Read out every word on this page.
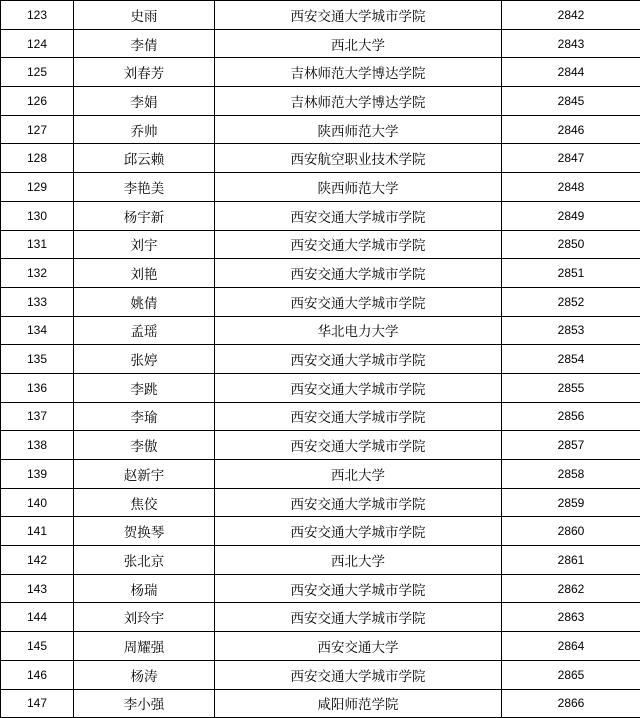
123	史雨	西安交通大学城市学院	2842
124	李倩	西北大学	2843
125	刘春芳	吉林师范大学博达学院	2844
126	李娟	吉林师范大学博达学院	2845
127	乔帅	陕西师范大学	2846
128	邱云赖	西安航空职业技术学院	2847
129	李艳美	陕西师范大学	2848
130	杨宇新	西安交通大学城市学院	2849
131	刘宇	西安交通大学城市学院	2850
132	刘艳	西安交通大学城市学院	2851
133	姚倩	西安交通大学城市学院	2852
134	孟瑶	华北电力大学	2853
135	张婷	西安交通大学城市学院	2854
136	李跳	西安交通大学城市学院	2855
137	李瑜	西安交通大学城市学院	2856
138	李傲	西安交通大学城市学院	2857
139	赵新宇	西北大学	2858
140	焦佼	西安交通大学城市学院	2859
141	贺换琴	西安交通大学城市学院	2860
142	张北京	西北大学	2861
143	杨瑞	西安交通大学城市学院	2862
144	刘玲宇	西安交通大学城市学院	2863
145	周耀强	西安交通大学	2864
146	杨涛	西安交通大学城市学院	2865
147	李小强	咸阳师范学院	2866
